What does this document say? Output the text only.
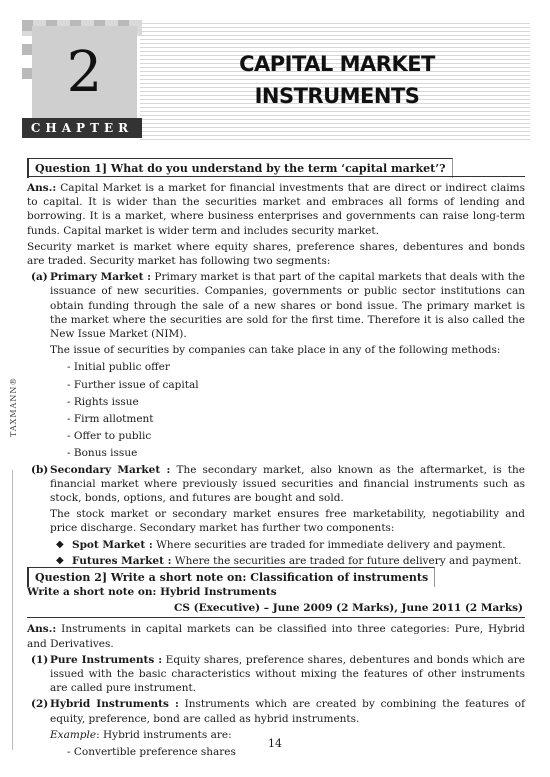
CAPITAL MARKET
INSTRUMENTS
2
CHAPTER
TAXMANN®
Question 1] What do you understand by the term ‘capital market’?

Ans.: Capital Market is a market for financial investments that are direct or indirect claims to capital. It is wider than the securities market and embraces all forms of lending and borrowing. It is a market, where business enterprises and governments can raise long-term funds. Capital market is wider term and includes security market.

Security market is market where equity shares, preference shares, debentures and bonds are traded. Security market has following two segments:

(a) Primary Market : Primary market is that part of the capital markets that deals with the issuance of new securities. Companies, governments or public sector institutions can obtain funding through the sale of a new shares or bond issue. The primary market is the market where the securities are sold for the first time. Therefore it is also called the New Issue Market (NIM).

The issue of securities by companies can take place in any of the following methods:

- Initial public offer
- Further issue of capital
- Rights issue
- Firm allotment
- Offer to public
- Bonus issue
(b) Secondary Market : The secondary market, also known as the aftermarket, is the financial market where previously issued securities and financial instruments such as stock, bonds, options, and futures are bought and sold.

The stock market or secondary market ensures free marketability, negotiability and price discharge. Secondary market has further two components:

◆ Spot Market : Where securities are traded for immediate delivery and payment.
◆ Futures Market : Where the securities are traded for future delivery and payment.
Question 2] Write a short note on: Classification of instruments

Write a short note on: Hybrid Instruments

CS (Executive) – June 2009 (2 Marks), June 2011 (2 Marks)

Ans.: Instruments in capital markets can be classified into three categories: Pure, Hybrid and Derivatives.

(1) Pure Instruments : Equity shares, preference shares, debentures and bonds which are issued with the basic characteristics without mixing the features of other instruments are called pure instrument.
(2) Hybrid Instruments : Instruments which are created by combining the features of equity, preference, bond are called as hybrid instruments.

Example: Hybrid instruments are:

- Convertible preference shares
14
